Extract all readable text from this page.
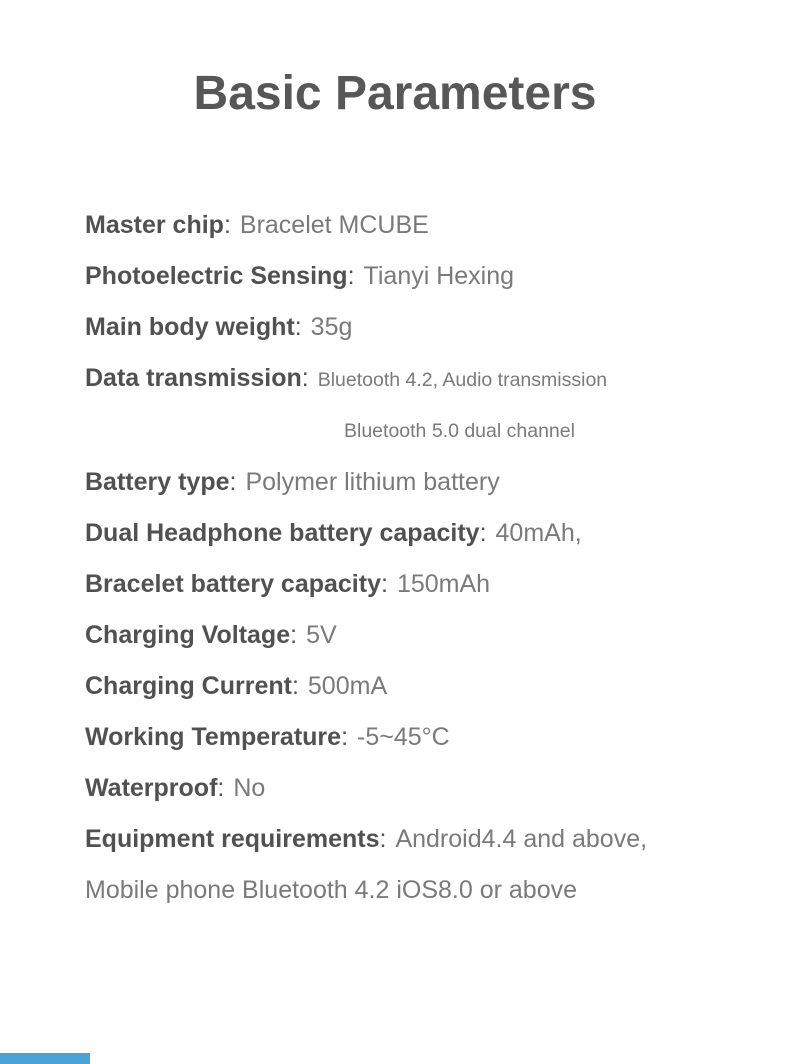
Basic Parameters
Master chip: Bracelet MCUBE
Photoelectric Sensing: Tianyi Hexing
Main body weight: 35g
Data transmission: Bluetooth 4.2, Audio transmission
Bluetooth 5.0 dual channel
Battery type: Polymer lithium battery
Dual Headphone battery capacity: 40mAh,
Bracelet battery capacity: 150mAh
Charging Voltage: 5V
Charging Current: 500mA
Working Temperature: -5~45°C
Waterproof: No
Equipment requirements: Android4.4 and above,
Mobile phone Bluetooth 4.2 iOS8.0 or above
